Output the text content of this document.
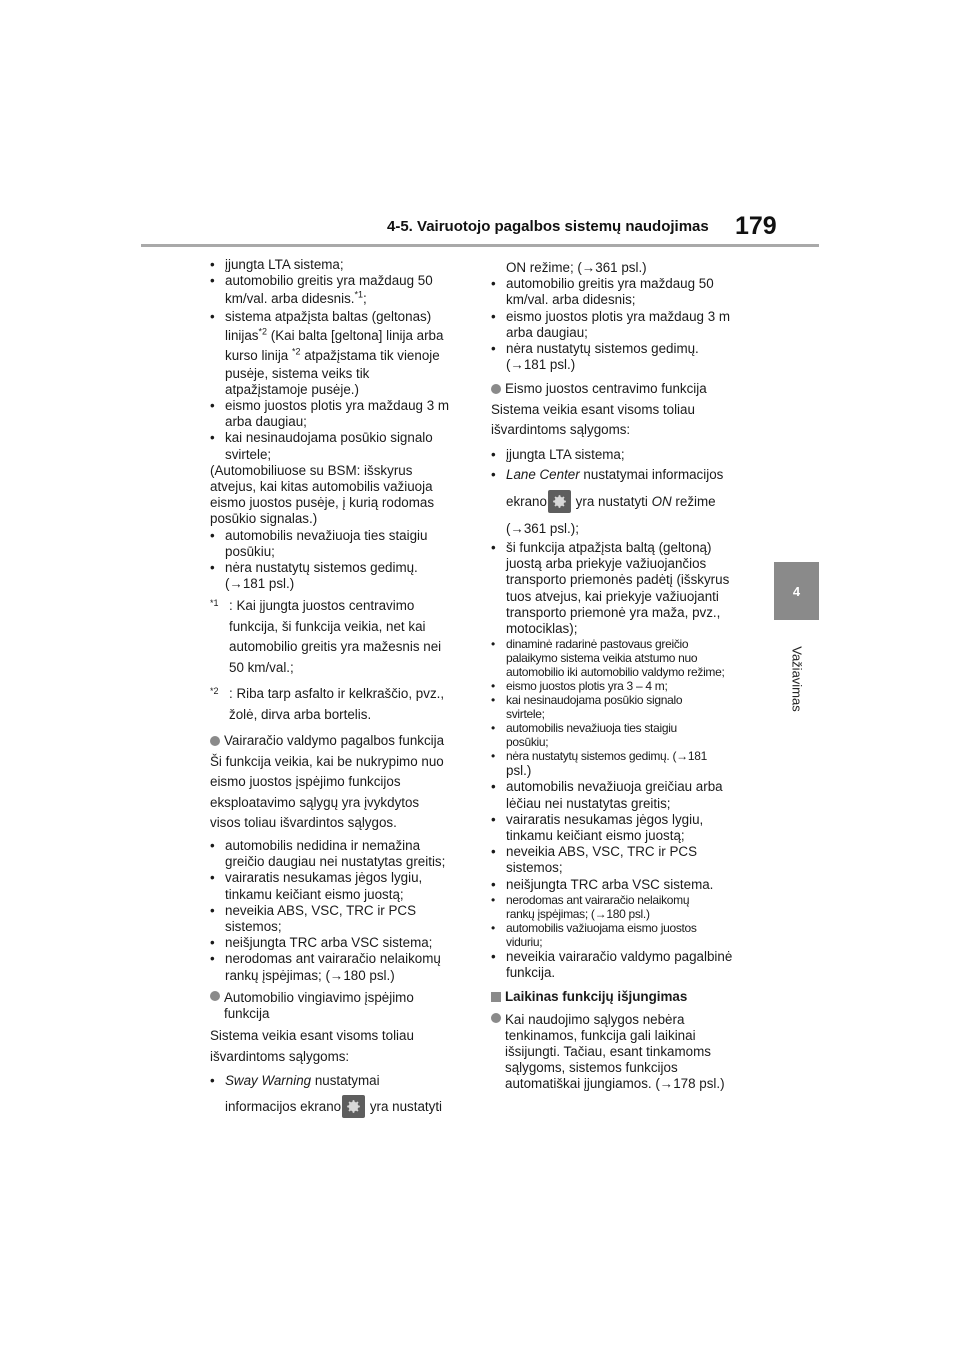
4-5. Vairuotojo pagalbos sistemų naudojimas 179
4
Važiavimas
• įjungta LTA sistema;
• automobilio greitis yra maždaug 50
km/val. arba didesnis.$^{*1}$;
• sistema atpažįsta baltas (geltonas)
linijas$^{*2}$ (Kai balta [geltona] linija arba
kurso linija $^{*2}$ atpažįstama tik vienoje
pusėje, sistema veiks tik
atpažįstamoje pusėje.)
• eismo juostos plotis yra maždaug 3 m
arba daugiau;
• kai nesinaudojama posūkio signalo
svirtele;
(Automobiliuose su BSM: išskyrus
atvejus, kai kitas automobilis važiuoja
eismo juostos pusėje, į kurią rodomas
posūkio signalas.)
• automobilis nevažiuoja ties staigiu
posūkiu;
• nėra nustatytų sistemos gedimų.
(→181 psl.)
*1 : Kai įjungta juostos centravimo
funkcija, ši funkcija veikia, net kai
automobilio greitis yra mažesnis nei
50 km/val.;
*2 : Riba tarp asfalto ir kelkraščio, pvz.,
žolė, dirva arba bortelis.
Vairaračio valdymo pagalbos funkcija
Ši funkcija veikia, kai be nukrypimo nuo
eismo juostos įspėjimo funkcijos
eksploatavimo sąlygų yra įvykdytos
visos toliau išvardintos sąlygos.
• automobilis nedidina ir nemažina
greičio daugiau nei nustatytas greitis;
• vairaratis nesukamas jėgos lygiu,
tinkamu keičiant eismo juostą;
• neveikia ABS, VSC, TRC ir PCS
sistemos;
• neišjungta TRC arba VSC sistema;
• nerodomas ant vairaračio nelaikomų
rankų įspėjimas; (→180 psl.)
Automobilio vingiavimo įspėjimo
funkcija
Sistema veikia esant visoms toliau
išvardintoms sąlygoms:
• Sway Warning nustatymai
informacijos ekrano
yra nustatyti
ON režime; (→361 psl.)
• automobilio greitis yra maždaug 50
km/val. arba didesnis;
• eismo juostos plotis yra maždaug 3 m
arba daugiau;
• nėra nustatytų sistemos gedimų.
(→181 psl.)
Eismo juostos centravimo funkcija
Sistema veikia esant visoms toliau
išvardintoms sąlygoms:
• įjungta LTA sistema;
• Lane Center nustatymai informacijos
ekrano
yra nustatyti ON režime
(→361 psl.);
• ši funkcija atpažįsta baltą (geltoną)
juostą arba priekyje važiuojančios
transporto priemonės padėtį (išskyrus
tuos atvejus, kai priekyje važiuojanti
transporto priemonė yra maža, pvz.,
motociklas);
• dinaminė radarinė pastovaus greičio
palaikymo sistema veikia atstumo nuo
automobilio iki automobilio valdymo režime;
• eismo juostos plotis yra 3 – 4 m;
• kai nesinaudojama posūkio signalo
svirtele;
• automobilis nevažiuoja ties staigiu
posūkiu;
• nėra nustatytų sistemos gedimų. (→181
psl.)
• automobilis nevažiuoja greičiau arba
lėčiau nei nustatytas greitis;
• vairaratis nesukamas jėgos lygiu,
tinkamu keičiant eismo juostą;
• neveikia ABS, VSC, TRC ir PCS
sistemos;
• neišjungta TRC arba VSC sistema.
• nerodomas ant vairaračio nelaikomų
rankų įspėjimas; (→180 psl.)
• automobilis važiuojama eismo juostos
viduriu;
• neveikia vairaračio valdymo pagalbinė
funkcija.
Laikinas funkcijų išjungimas
Kai naudojimo sąlygos nebėra
tenkinamos, funkcija gali laikinai
išsijungti. Tačiau, esant tinkamoms
sąlygoms, sistemos funkcijos
automatiškai įjungiamos. (→178 psl.)
